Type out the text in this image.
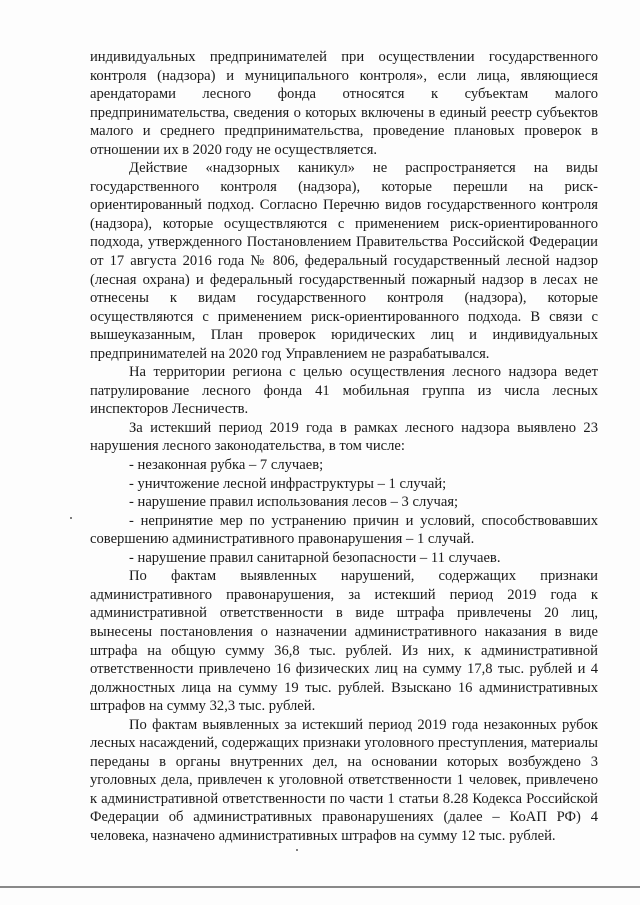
индивидуальных предпринимателей при осуществлении государственного контроля (надзора) и муниципального контроля», если лица, являющиеся арендаторами лесного фонда относятся к субъектам малого предпринимательства, сведения о которых включены в единый реестр субъектов малого и среднего предпринимательства, проведение плановых проверок в отношении их в 2020 году не осуществляется.

Действие «надзорных каникул» не распространяется на виды государственного контроля (надзора), которые перешли на риск-ориентированный подход. Согласно Перечню видов государственного контроля (надзора), которые осуществляются с применением риск-ориентированного подхода, утвержденного Постановлением Правительства Российской Федерации от 17 августа 2016 года № 806, федеральный государственный лесной надзор (лесная охрана) и федеральный государственный пожарный надзор в лесах не отнесены к видам государственного контроля (надзора), которые осуществляются с применением риск-ориентированного подхода. В связи с вышеуказанным, План проверок юридических лиц и индивидуальных предпринимателей на 2020 год Управлением не разрабатывался.

На территории региона с целью осуществления лесного надзора ведет патрулирование лесного фонда 41 мобильная группа из числа лесных инспекторов Лесничеств.

За истекший период 2019 года в рамках лесного надзора выявлено 23 нарушения лесного законодательства, в том числе:

- незаконная рубка – 7 случаев;

- уничтожение лесной инфраструктуры – 1 случай;

- нарушение правил использования лесов – 3 случая;

- непринятие мер по устранению причин и условий, способствовавших совершению административного правонарушения – 1 случай.

- нарушение правил санитарной безопасности – 11 случаев.

По фактам выявленных нарушений, содержащих признаки административного правонарушения, за истекший период 2019 года к административной ответственности в виде штрафа привлечены 20 лиц, вынесены постановления о назначении административного наказания в виде штрафа на общую сумму 36,8 тыс. рублей. Из них, к административной ответственности привлечено 16 физических лиц на сумму 17,8 тыс. рублей и 4 должностных лица на сумму 19 тыс. рублей. Взыскано 16 административных штрафов на сумму 32,3 тыс. рублей.

По фактам выявленных за истекший период 2019 года незаконных рубок лесных насаждений, содержащих признаки уголовного преступления, материалы переданы в органы внутренних дел, на основании которых возбуждено 3 уголовных дела, привлечен к уголовной ответственности 1 человек, привлечено к административной ответственности по части 1 статьи 8.28 Кодекса Российской Федерации об административных правонарушениях (далее – КоАП РФ) 4 человека, назначено административных штрафов на сумму 12 тыс. рублей.
